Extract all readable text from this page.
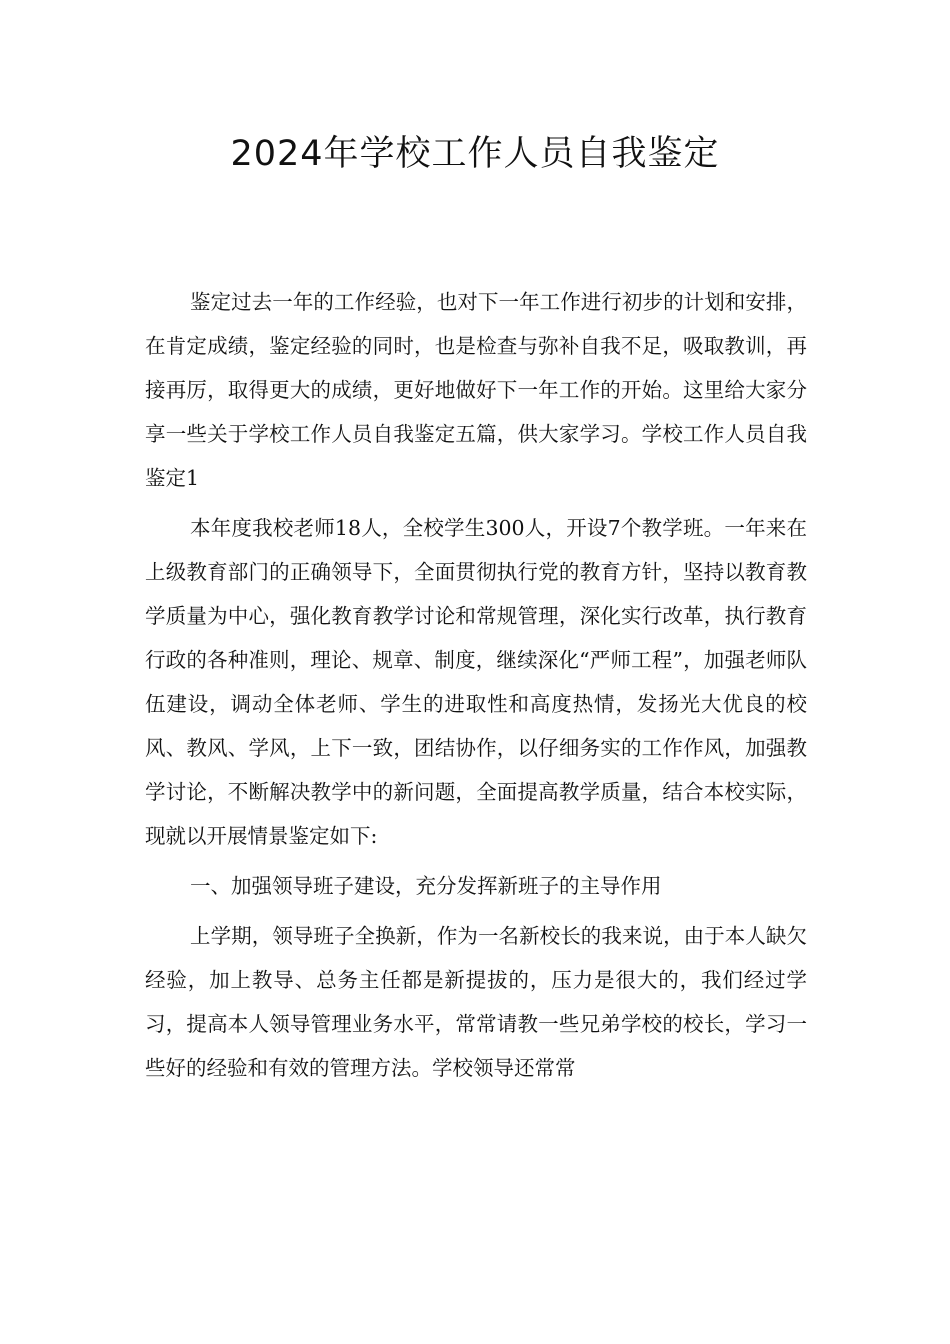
2024年学校工作人员自我鉴定

鉴定过去一年的工作经验，也对下一年工作进行初步的计划和安排，在肯定成绩，鉴定经验的同时，也是检查与弥补自我不足，吸取教训，再接再厉，取得更大的成绩，更好地做好下一年工作的开始。这里给大家分享一些关于学校工作人员自我鉴定五篇，供大家学习。学校工作人员自我鉴定1

本年度我校老师18人，全校学生300人，开设7个教学班。一年来在上级教育部门的正确领导下，全面贯彻执行党的教育方针，坚持以教育教学质量为中心，强化教育教学讨论和常规管理，深化实行改革，执行教育行政的各种准则，理论、规章、制度，继续深化“严师工程”，加强老师队伍建设，调动全体老师、学生的进取性和高度热情，发扬光大优良的校风、教风、学风，上下一致，团结协作，以仔细务实的工作作风，加强教学讨论，不断解决教学中的新问题，全面提高教学质量，结合本校实际，现就以开展情景鉴定如下:

一、加强领导班子建设，充分发挥新班子的主导作用

上学期，领导班子全换新，作为一名新校长的我来说，由于本人缺欠经验，加上教导、总务主任都是新提拔的，压力是很大的，我们经过学习，提高本人领导管理业务水平，常常请教一些兄弟学校的校长，学习一些好的经验和有效的管理方法。学校领导还常常
